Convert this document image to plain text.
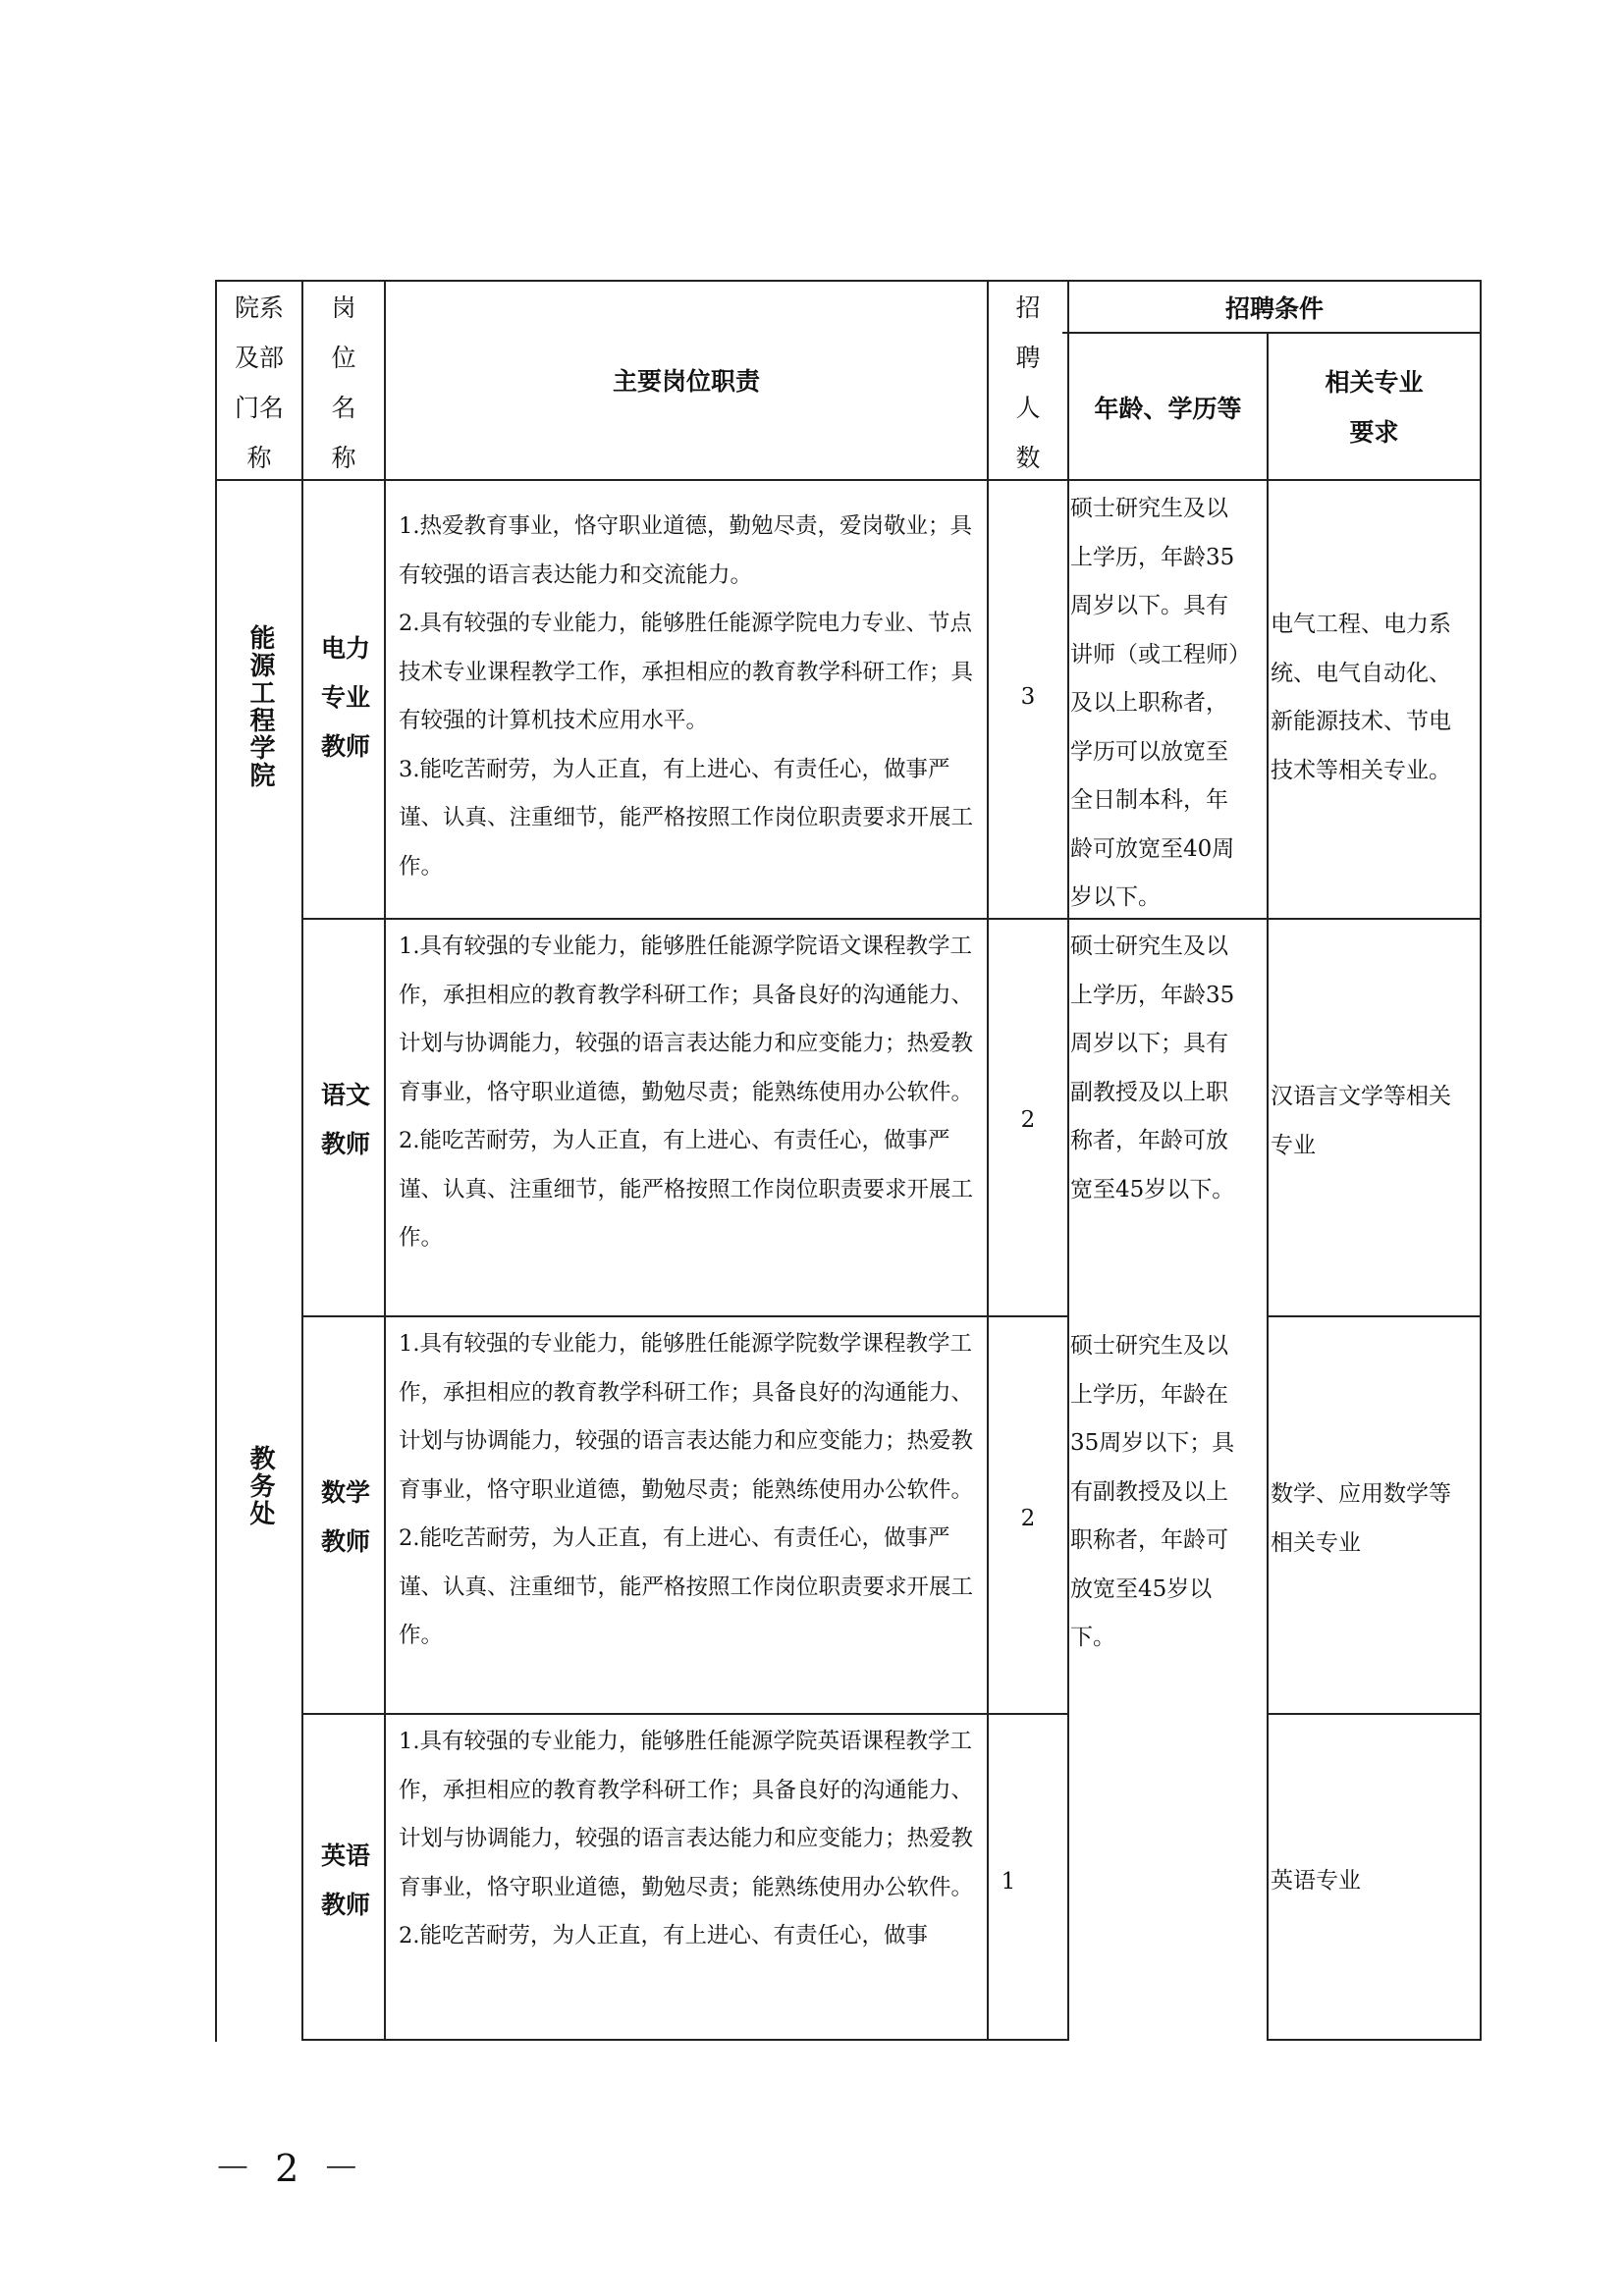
院系
及部
门名
称
岗
位
名
称
主要岗位职责
招
聘
人
数
招聘条件
年龄、学历等
相关专业
要求
能源工程学院
教务处
电力
专业
教师

1.热爱教育事业，恪守职业道德，勤勉尽责，爱岗敬业；具有较强的语言表达能力和交流能力。

2.具有较强的专业能力，能够胜任能源学院电力专业、节点技术专业课程教学工作，承担相应的教育教学科研工作；具有较强的计算机技术应用水平。

3.能吃苦耐劳，为人正直，有上进心、有责任心，做事严谨、认真、注重细节，能严格按照工作岗位职责要求开展工作。

3
硕士研究生及以上学历，年龄35周岁以下。具有讲师（或工程师）及以上职称者，学历可以放宽至全日制本科，年龄可放宽至40周岁以下。
电气工程、电力系统、电气自动化、新能源技术、节电技术等相关专业。
语文
教师

1.具有较强的专业能力，能够胜任能源学院语文课程教学工作，承担相应的教育教学科研工作；具备良好的沟通能力、计划与协调能力，较强的语言表达能力和应变能力；热爱教育事业，恪守职业道德，勤勉尽责；能熟练使用办公软件。

2.能吃苦耐劳，为人正直，有上进心、有责任心，做事严谨、认真、注重细节，能严格按照工作岗位职责要求开展工作。

2
硕士研究生及以上学历，年龄35周岁以下；具有副教授及以上职称者，年龄可放宽至45岁以下。
汉语言文学等相关专业
数学
教师

1.具有较强的专业能力，能够胜任能源学院数学课程教学工作，承担相应的教育教学科研工作；具备良好的沟通能力、计划与协调能力，较强的语言表达能力和应变能力；热爱教育事业，恪守职业道德，勤勉尽责；能熟练使用办公软件。

2.能吃苦耐劳，为人正直，有上进心、有责任心，做事严谨、认真、注重细节，能严格按照工作岗位职责要求开展工作。

2
硕士研究生及以上学历，年龄在35周岁以下；具有副教授及以上职称者，年龄可放宽至45岁以下。
数学、应用数学等相关专业
英语
教师

1.具有较强的专业能力，能够胜任能源学院英语课程教学工作，承担相应的教育教学科研工作；具备良好的沟通能力、计划与协调能力，较强的语言表达能力和应变能力；热爱教育事业，恪守职业道德，勤勉尽责；能熟练使用办公软件。

2.能吃苦耐劳，为人正直，有上进心、有责任心，做事

1	英语专业
－ 2 －
